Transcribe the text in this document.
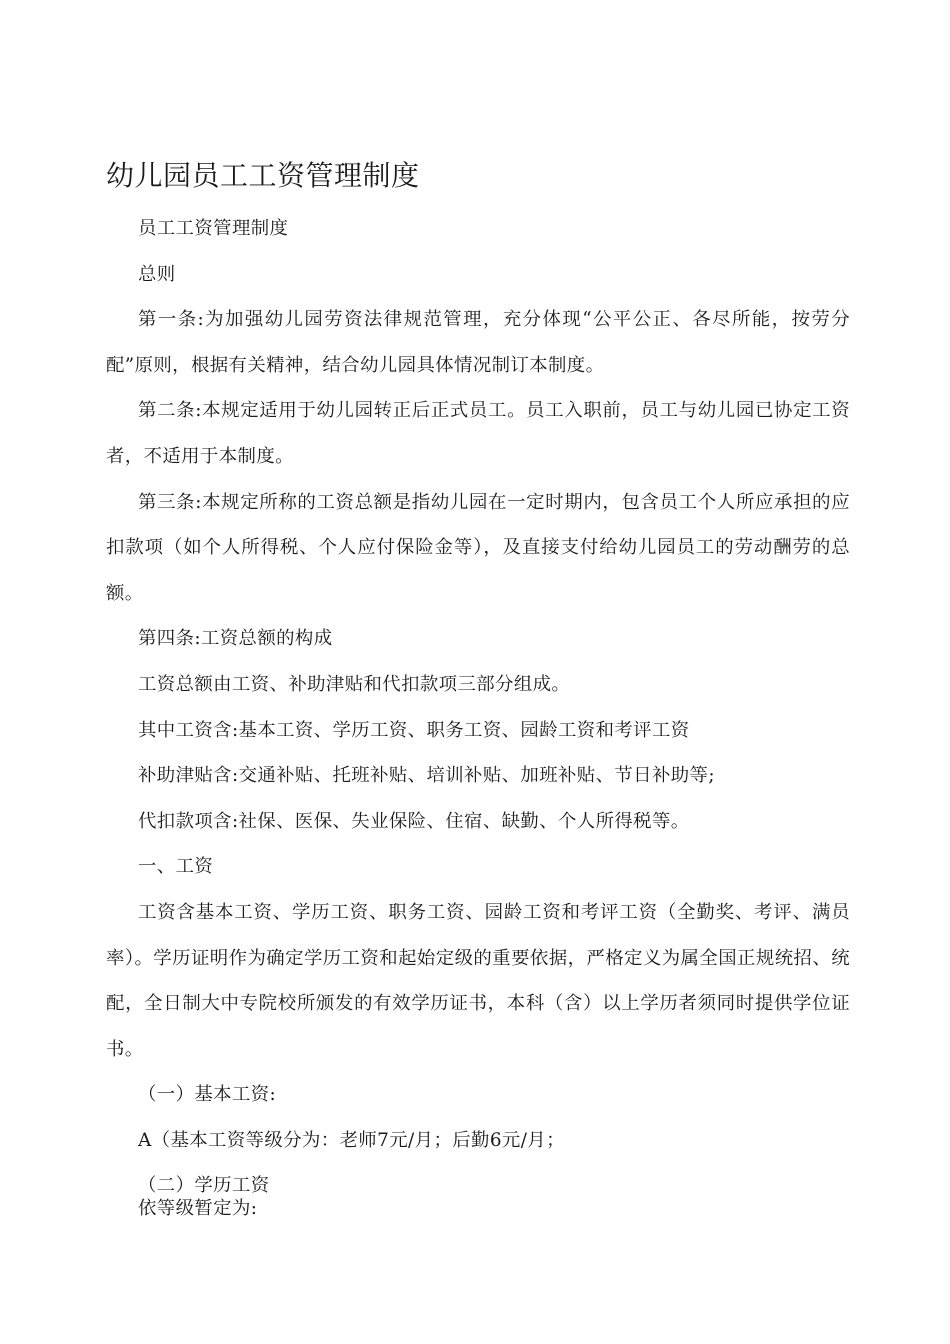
幼儿园员工工资管理制度

员工工资管理制度

总则

第一条:为加强幼儿园劳资法律规范管理，充分体现“公平公正、各尽所能，按劳分配”原则，根据有关精神，结合幼儿园具体情况制订本制度。

第二条:本规定适用于幼儿园转正后正式员工。员工入职前，员工与幼儿园已协定工资者，不适用于本制度。

第三条:本规定所称的工资总额是指幼儿园在一定时期内，包含员工个人所应承担的应扣款项（如个人所得税、个人应付保险金等），及直接支付给幼儿园员工的劳动酬劳的总额。

第四条:工资总额的构成

工资总额由工资、补助津贴和代扣款项三部分组成。

其中工资含:基本工资、学历工资、职务工资、园龄工资和考评工资

补助津贴含:交通补贴、托班补贴、培训补贴、加班补贴、节日补助等;

代扣款项含:社保、医保、失业保险、住宿、缺勤、个人所得税等。

一、工资

工资含基本工资、学历工资、职务工资、园龄工资和考评工资（全勤奖、考评、满员率）。学历证明作为确定学历工资和起始定级的重要依据，严格定义为属全国正规统招、统配，全日制大中专院校所颁发的有效学历证书，本科（含）以上学历者须同时提供学位证书。

（一）基本工资:

A（基本工资等级分为：老师7元/月；后勤6元/月；

（二）学历工资

依等级暂定为:
